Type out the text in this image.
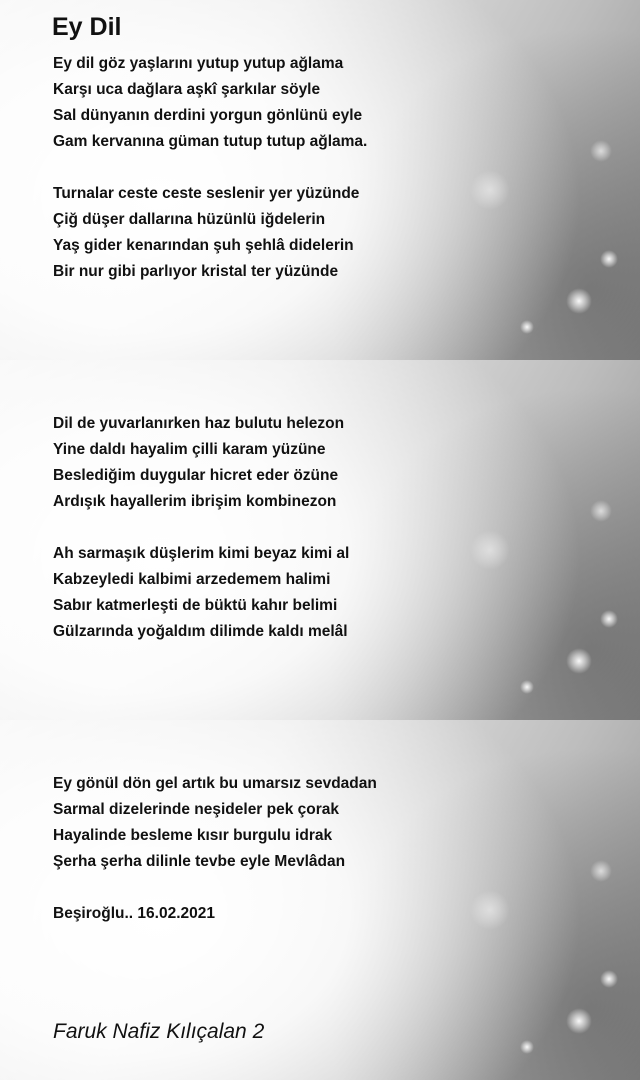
Ey Dil
Ey dil göz yaşlarını yutup yutup ağlama
Karşı uca dağlara aşkî şarkılar söyle
Sal dünyanın derdini yorgun gönlünü eyle
Gam kervanına güman tutup tutup ağlama.
Turnalar ceste ceste seslenir yer yüzünde
Çiğ düşer dallarına hüzünlü iğdelerin
Yaş gider kenarından şuh şehlâ didelerin
Bir nur gibi parlıyor kristal ter yüzünde
Dil de yuvarlanırken haz bulutu helezon
Yine daldı hayalim çilli karam yüzüne
Beslediğim duygular hicret eder özüne
Ardışık hayallerim ibrişim kombinezon
Ah sarmaşık düşlerim kimi beyaz kimi al
Kabzeyledi kalbimi arzedemem halimi
Sabır katmerleşti de büktü kahır belimi
Gülzarında yoğaldım dilimde kaldı melâl
Ey gönül dön gel artık bu umarsız sevdadan
Sarmal dizelerinde neşideler pek çorak
Hayalinde besleme kısır burgulu idrak
Şerha şerha dilinle tevbe eyle Mevlâdan

Beşiroğlu.. 16.02.2021

Faruk Nafiz Kılıçalan 2
